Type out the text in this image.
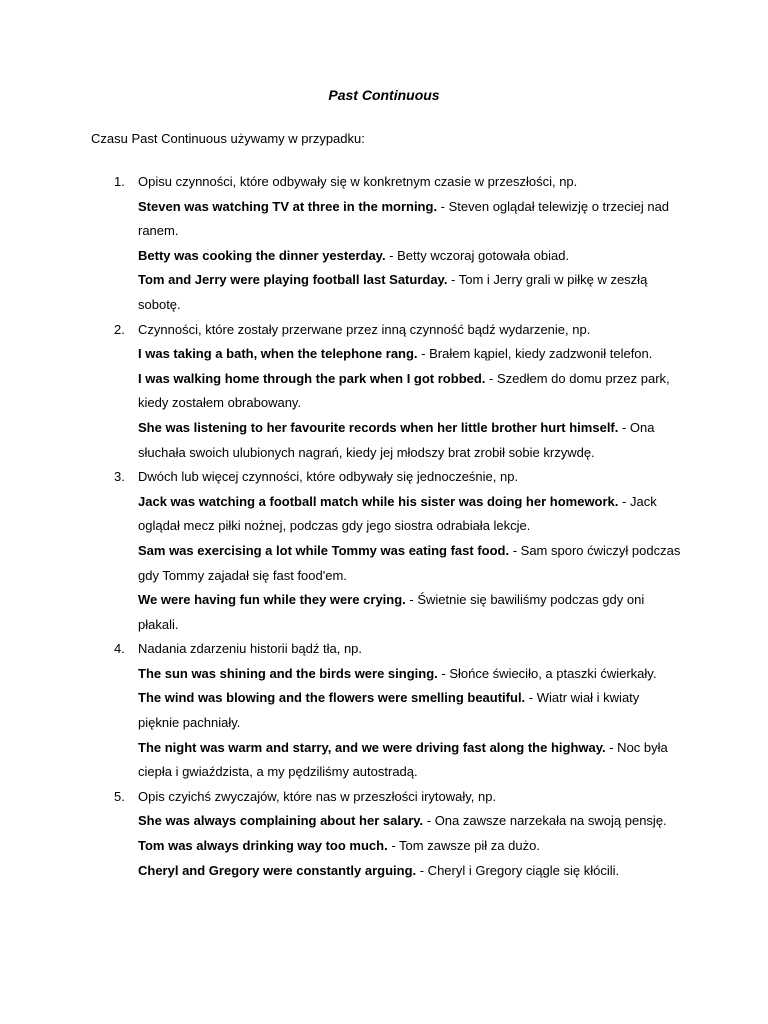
Past Continuous
Czasu Past Continuous używamy w przypadku:
1. Opisu czynności, które odbywały się w konkretnym czasie w przeszłości, np.
Steven was watching TV at three in the morning. - Steven oglądał telewizję o trzeciej nad ranem.
Betty was cooking the dinner yesterday. - Betty wczoraj gotowała obiad.
Tom and Jerry were playing football last Saturday. - Tom i Jerry grali w piłkę w zeszłą sobotę.
2. Czynności, które zostały przerwane przez inną czynność bądź wydarzenie, np.
I was taking a bath, when the telephone rang. - Brałem kąpiel, kiedy zadzwonił telefon.
I was walking home through the park when I got robbed. - Szedłem do domu przez park, kiedy zostałem obrabowany.
She was listening to her favourite records when her little brother hurt himself. - Ona słuchała swoich ulubionych nagrań, kiedy jej młodszy brat zrobił sobie krzywdę.
3. Dwóch lub więcej czynności, które odbywały się jednocześnie, np.
Jack was watching a football match while his sister was doing her homework. - Jack oglądał mecz piłki nożnej, podczas gdy jego siostra odrabiała lekcje.
Sam was exercising a lot while Tommy was eating fast food. - Sam sporo ćwiczył podczas gdy Tommy zajadał się fast food'em.
We were having fun while they were crying. - Świetnie się bawiliśmy podczas gdy oni płakali.
4. Nadania zdarzeniu historii bądź tła, np.
The sun was shining and the birds were singing. - Słońce świeciło, a ptaszki ćwierkały.
The wind was blowing and the flowers were smelling beautiful. - Wiatr wiał i kwiaty pięknie pachniały.
The night was warm and starry, and we were driving fast along the highway. - Noc była ciepła i gwiaździsta, a my pędziliśmy autostradą.
5. Opis czyichś zwyczajów, które nas w przeszłości irytowały, np.
She was always complaining about her salary. - Ona zawsze narzekała na swoją pensję.
Tom was always drinking way too much. - Tom zawsze pił za dużo.
Cheryl and Gregory were constantly arguing. - Cheryl i Gregory ciągle się kłócili.
